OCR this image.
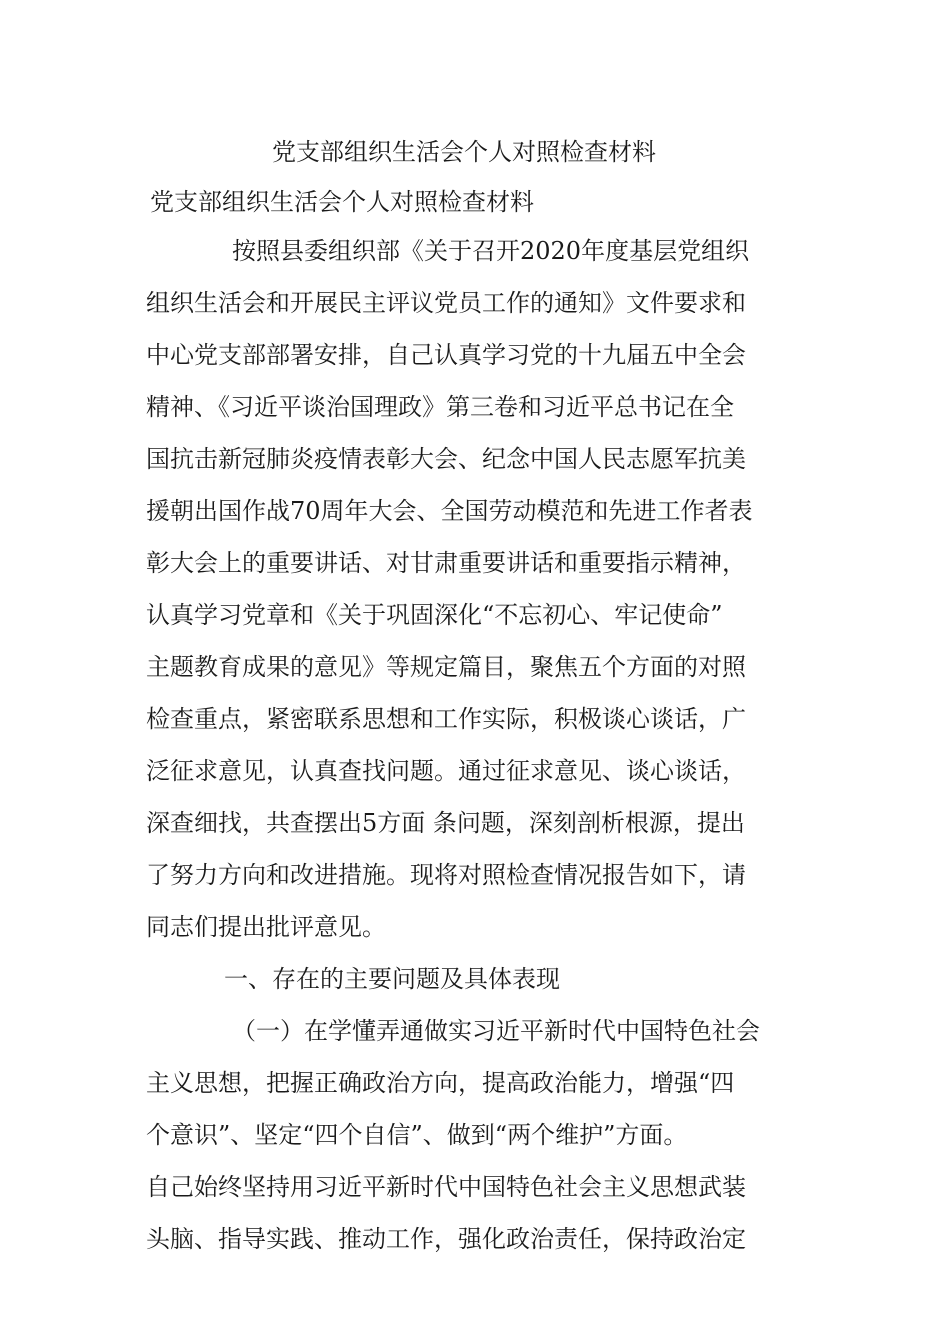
党支部组织生活会个人对照检查材料
党支部组织生活会个人对照检查材料
按照县委组织部《关于召开2020年度基层党组织
组织生活会和开展民主评议党员工作的通知》文件要求和
中心党支部部署安排，自己认真学习党的十九届五中全会
精神、《习近平谈治国理政》第三卷和习近平总书记在全
国抗击新冠肺炎疫情表彰大会、纪念中国人民志愿军抗美
援朝出国作战70周年大会、全国劳动模范和先进工作者表
彰大会上的重要讲话、对甘肃重要讲话和重要指示精神，
认真学习党章和《关于巩固深化“不忘初心、牢记使命”
主题教育成果的意见》等规定篇目，聚焦五个方面的对照
检查重点，紧密联系思想和工作实际，积极谈心谈话，广
泛征求意见，认真查找问题。通过征求意见、谈心谈话，
深查细找，共查摆出5方面 条问题，深刻剖析根源，提出
了努力方向和改进措施。现将对照检查情况报告如下，请
同志们提出批评意见。
一、存在的主要问题及具体表现
（一）在学懂弄通做实习近平新时代中国特色社会
主义思想，把握正确政治方向，提高政治能力，增强“四
个意识”、坚定“四个自信”、做到“两个维护”方面。
自己始终坚持用习近平新时代中国特色社会主义思想武装
头脑、指导实践、推动工作，强化政治责任，保持政治定
